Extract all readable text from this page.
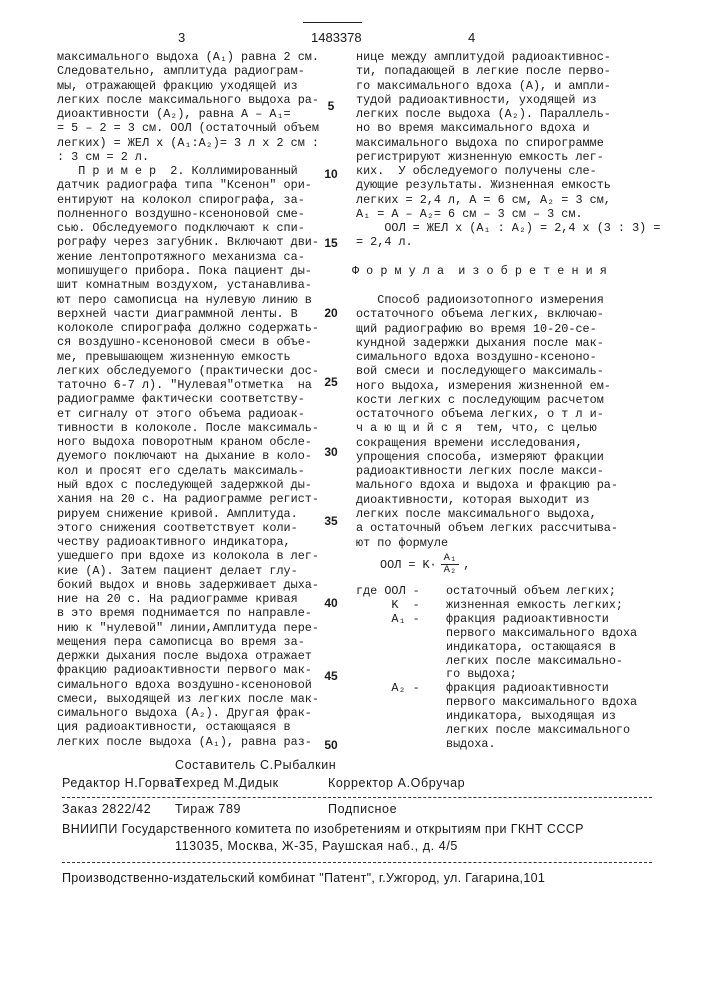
3	1483378	4
максимального выдоха (A₁) равна 2 см.
Следовательно, амплитуда радиограм-
мы, отражающей фракцию уходящей из
легких после максимального выдоха ра-
диоактивности (A₂), равна A – A₁=
= 5 – 2 = 3 см. ООЛ (остаточный объем
легких) = ЖЕЛ x (A₁:A₂)= 3 л x 2 см :
: 3 см = 2 л.
П р и м е р  2. Коллимированный
датчик радиографа типа "Ксенон" ори-
ентируют на колокол спирографа, за-
полненного воздушно-ксеноновой сме-
сью. Обследуемого подключают к спи-
рографу через загубник. Включают дви-
жение лентопротяжного механизма са-
мопишущего прибора. Пока пациент ды-
шит комнатным воздухом, устанавлива-
ют перо самописца на нулевую линию в
верхней части диаграммной ленты. В
колоколе спирографа должно содержать-
ся воздушно-ксеноновой смеси в объе-
ме, превышающем жизненную емкость
легких обследуемого (практически дос-
таточно 6-7 л). "Нулевая"отметка  на
радиограмме фактически соответству-
ет сигналу от этого объема радиоак-
тивности в колоколе. После максималь-
ного выдоха поворотным краном обсле-
дуемого поключают на дыхание в коло-
кол и просят его сделать максималь-
ный вдох с последующей задержкой ды-
хания на 20 с. На радиограмме регист-
рируем снижение кривой. Амплитуда.
этого снижения соответствует коли-
честву радиоактивного индикатора,
ушедшего при вдохе из колокола в лег-
кие (A). Затем пациент делает глу-
бокий выдох и вновь задерживает дыха-
ние на 20 с. На радиограмме кривая
в это время поднимается по направле-
нию к "нулевой" линии,Амплитуда пере-
мещения пера самописца во время за-
держки дыхания после выдоха отражает
фракцию радиоактивности первого мак-
симального вдоха воздушно-ксеноновой
смеси, выходящей из легких после мак-
симального выдоха (A₂). Другая фрак-
ция радиоактивности, остающаяся в
легких после выдоха (A₁), равна раз-
5
10
15
20
25
30
35
40
45
50
нице между амплитудой радиоактивнос-
ти, попадающей в легкие после перво-
го максимального вдоха (A), и ампли-
тудой радиоактивности, уходящей из
легких после выдоха (A₂). Параллель-
но во время максимального вдоха и
максимального выдоха по спирограмме
регистрируют жизненную емкость лег-
ких.  У обследуемого получены сле-
дующие результаты. Жизненная емкость
легких = 2,4 л, A = 6 см, A₂ = 3 см,
A₁ = A – A₂= 6 см – 3 см – 3 см.
ООЛ = ЖЕЛ x (A₁ : A₂) = 2,4 x (3 : 3) =
= 2,4 л.
Ф о р м у л а  и з о б р е т е н и я
Способ радиоизотопного измерения
остаточного объема легких, включаю-
щий радиографию во время 10-20-се-
кундной задержки дыхания после мак-
симального вдоха воздушно-ксеноно-
вой смеси и последующего максималь-
ного выдоха, измерения жизненной ем-
кости легких с последующим расчетом
остаточного объема легких, о т л и-
ч а ю щ и й с я  тем, что, с целью
сокращения времени исследования,
упрощения способа, измеряют фракции
радиоактивности легких после макси-
мального вдоха и выдоха и фракцию ра-
диоактивности, которая выходит из
легких после максимального выдоха,
а остаточный объем легких рассчитыва-
ют по формуле
ООЛ = K· A₁
A₂ ,
где ООЛ -	остаточный объем легких;
K  -	жизненная емкость легких;
A₁ -	фракция радиоактивности
первого максимального вдоха
индикатора, остающаяся в
легких после максимально-
го выдоха;
A₂ -	фракция радиоактивности
первого максимального вдоха
индикатора, выходящая из
легких после максимального
выдоха.
Составитель С.Рыбалкин
Редактор Н.Горват
Техред М.Дидык	Корректор А.Обручар
Заказ 2822/42 Тираж 789	Подписное
ВНИИПИ Государственного комитета по изобретениям и открытиям при ГКНТ СССР
113035, Москва, Ж-35, Раушская наб., д. 4/5
Производственно-издательский комбинат "Патент", г.Ужгород, ул. Гагарина,101
